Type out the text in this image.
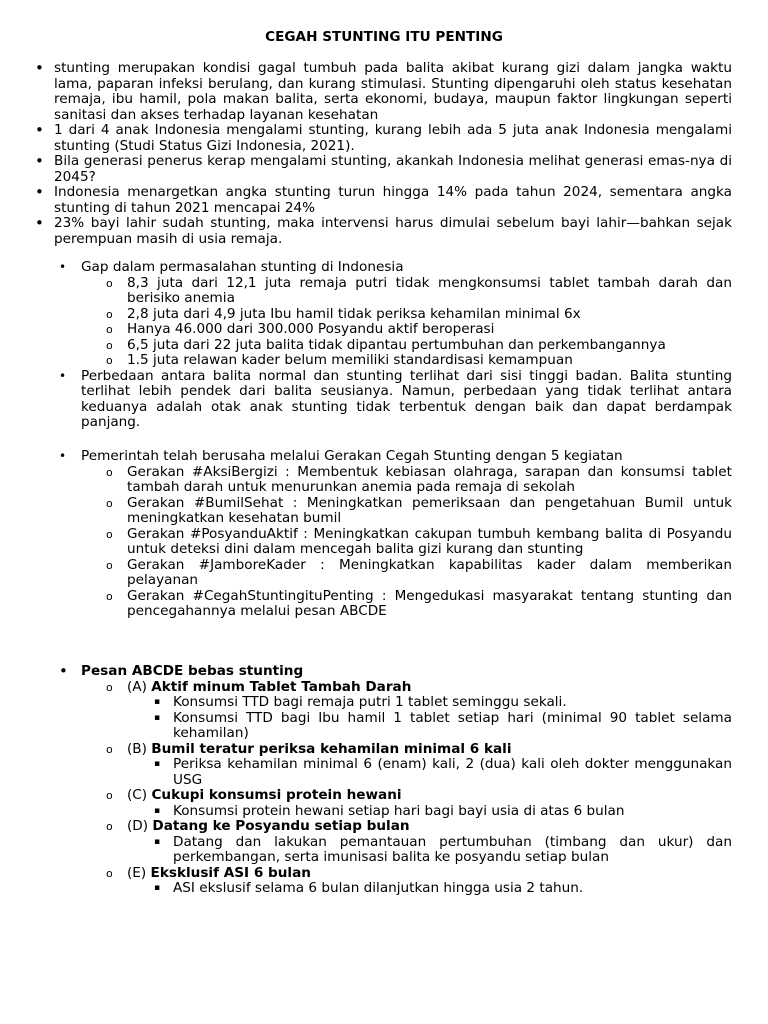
CEGAH STUNTING ITU PENTING
• stunting merupakan kondisi gagal tumbuh pada balita akibat kurang gizi dalam jangka waktu lama, paparan infeksi berulang, dan kurang stimulasi. Stunting dipengaruhi oleh status kesehatan remaja, ibu hamil, pola makan balita, serta ekonomi, budaya, maupun faktor lingkungan seperti sanitasi dan akses terhadap layanan kesehatan
• 1 dari 4 anak Indonesia mengalami stunting, kurang lebih ada 5 juta anak Indonesia mengalami stunting (Studi Status Gizi Indonesia, 2021).
• Bila generasi penerus kerap mengalami stunting, akankah Indonesia melihat generasi emas-nya di 2045?
• Indonesia menargetkan angka stunting turun hingga 14% pada tahun 2024, sementara angka stunting di tahun 2021 mencapai 24%
• 23% bayi lahir sudah stunting, maka intervensi harus dimulai sebelum bayi lahir—bahkan sejak perempuan masih di usia remaja.
• Gap dalam permasalahan stunting di Indonesia
o 8,3 juta dari 12,1 juta remaja putri tidak mengkonsumsi tablet tambah darah dan berisiko anemia
o 2,8 juta dari 4,9 juta Ibu hamil tidak periksa kehamilan minimal 6x
o Hanya 46.000 dari 300.000 Posyandu aktif beroperasi
o 6,5 juta dari 22 juta balita tidak dipantau pertumbuhan dan perkembangannya
o 1.5 juta relawan kader belum memiliki standardisasi kemampuan
• Perbedaan antara balita normal dan stunting terlihat dari sisi tinggi badan. Balita stunting terlihat lebih pendek dari balita seusianya. Namun, perbedaan yang tidak terlihat antara keduanya adalah otak anak stunting tidak terbentuk dengan baik dan dapat berdampak panjang.
• Pemerintah telah berusaha melalui Gerakan Cegah Stunting dengan 5 kegiatan
o Gerakan #AksiBergizi : Membentuk kebiasan olahraga, sarapan dan konsumsi tablet tambah darah untuk menurunkan anemia pada remaja di sekolah
o Gerakan #BumilSehat : Meningkatkan pemeriksaan dan pengetahuan Bumil untuk meningkatkan kesehatan bumil
o Gerakan #PosyanduAktif : Meningkatkan cakupan tumbuh kembang balita di Posyandu untuk deteksi dini dalam mencegah balita gizi kurang dan stunting
o Gerakan #JamboreKader : Meningkatkan kapabilitas kader dalam memberikan pelayanan
o Gerakan #CegahStuntingituPenting : Mengedukasi masyarakat tentang stunting dan pencegahannya melalui pesan ABCDE
• Pesan ABCDE bebas stunting
o (A) Aktif minum Tablet Tambah Darah
▪ Konsumsi TTD bagi remaja putri 1 tablet seminggu sekali.
▪ Konsumsi TTD bagi Ibu hamil 1 tablet setiap hari (minimal 90 tablet selama kehamilan)
o (B) Bumil teratur periksa kehamilan minimal 6 kali
▪ Periksa kehamilan minimal 6 (enam) kali, 2 (dua) kali oleh dokter menggunakan USG
o (C) Cukupi konsumsi protein hewani
▪ Konsumsi protein hewani setiap hari bagi bayi usia di atas 6 bulan
o (D) Datang ke Posyandu setiap bulan
▪ Datang dan lakukan pemantauan pertumbuhan (timbang dan ukur) dan perkembangan, serta imunisasi balita ke posyandu setiap bulan
o (E) Eksklusif ASI 6 bulan
▪ ASI ekslusif selama 6 bulan dilanjutkan hingga usia 2 tahun.
